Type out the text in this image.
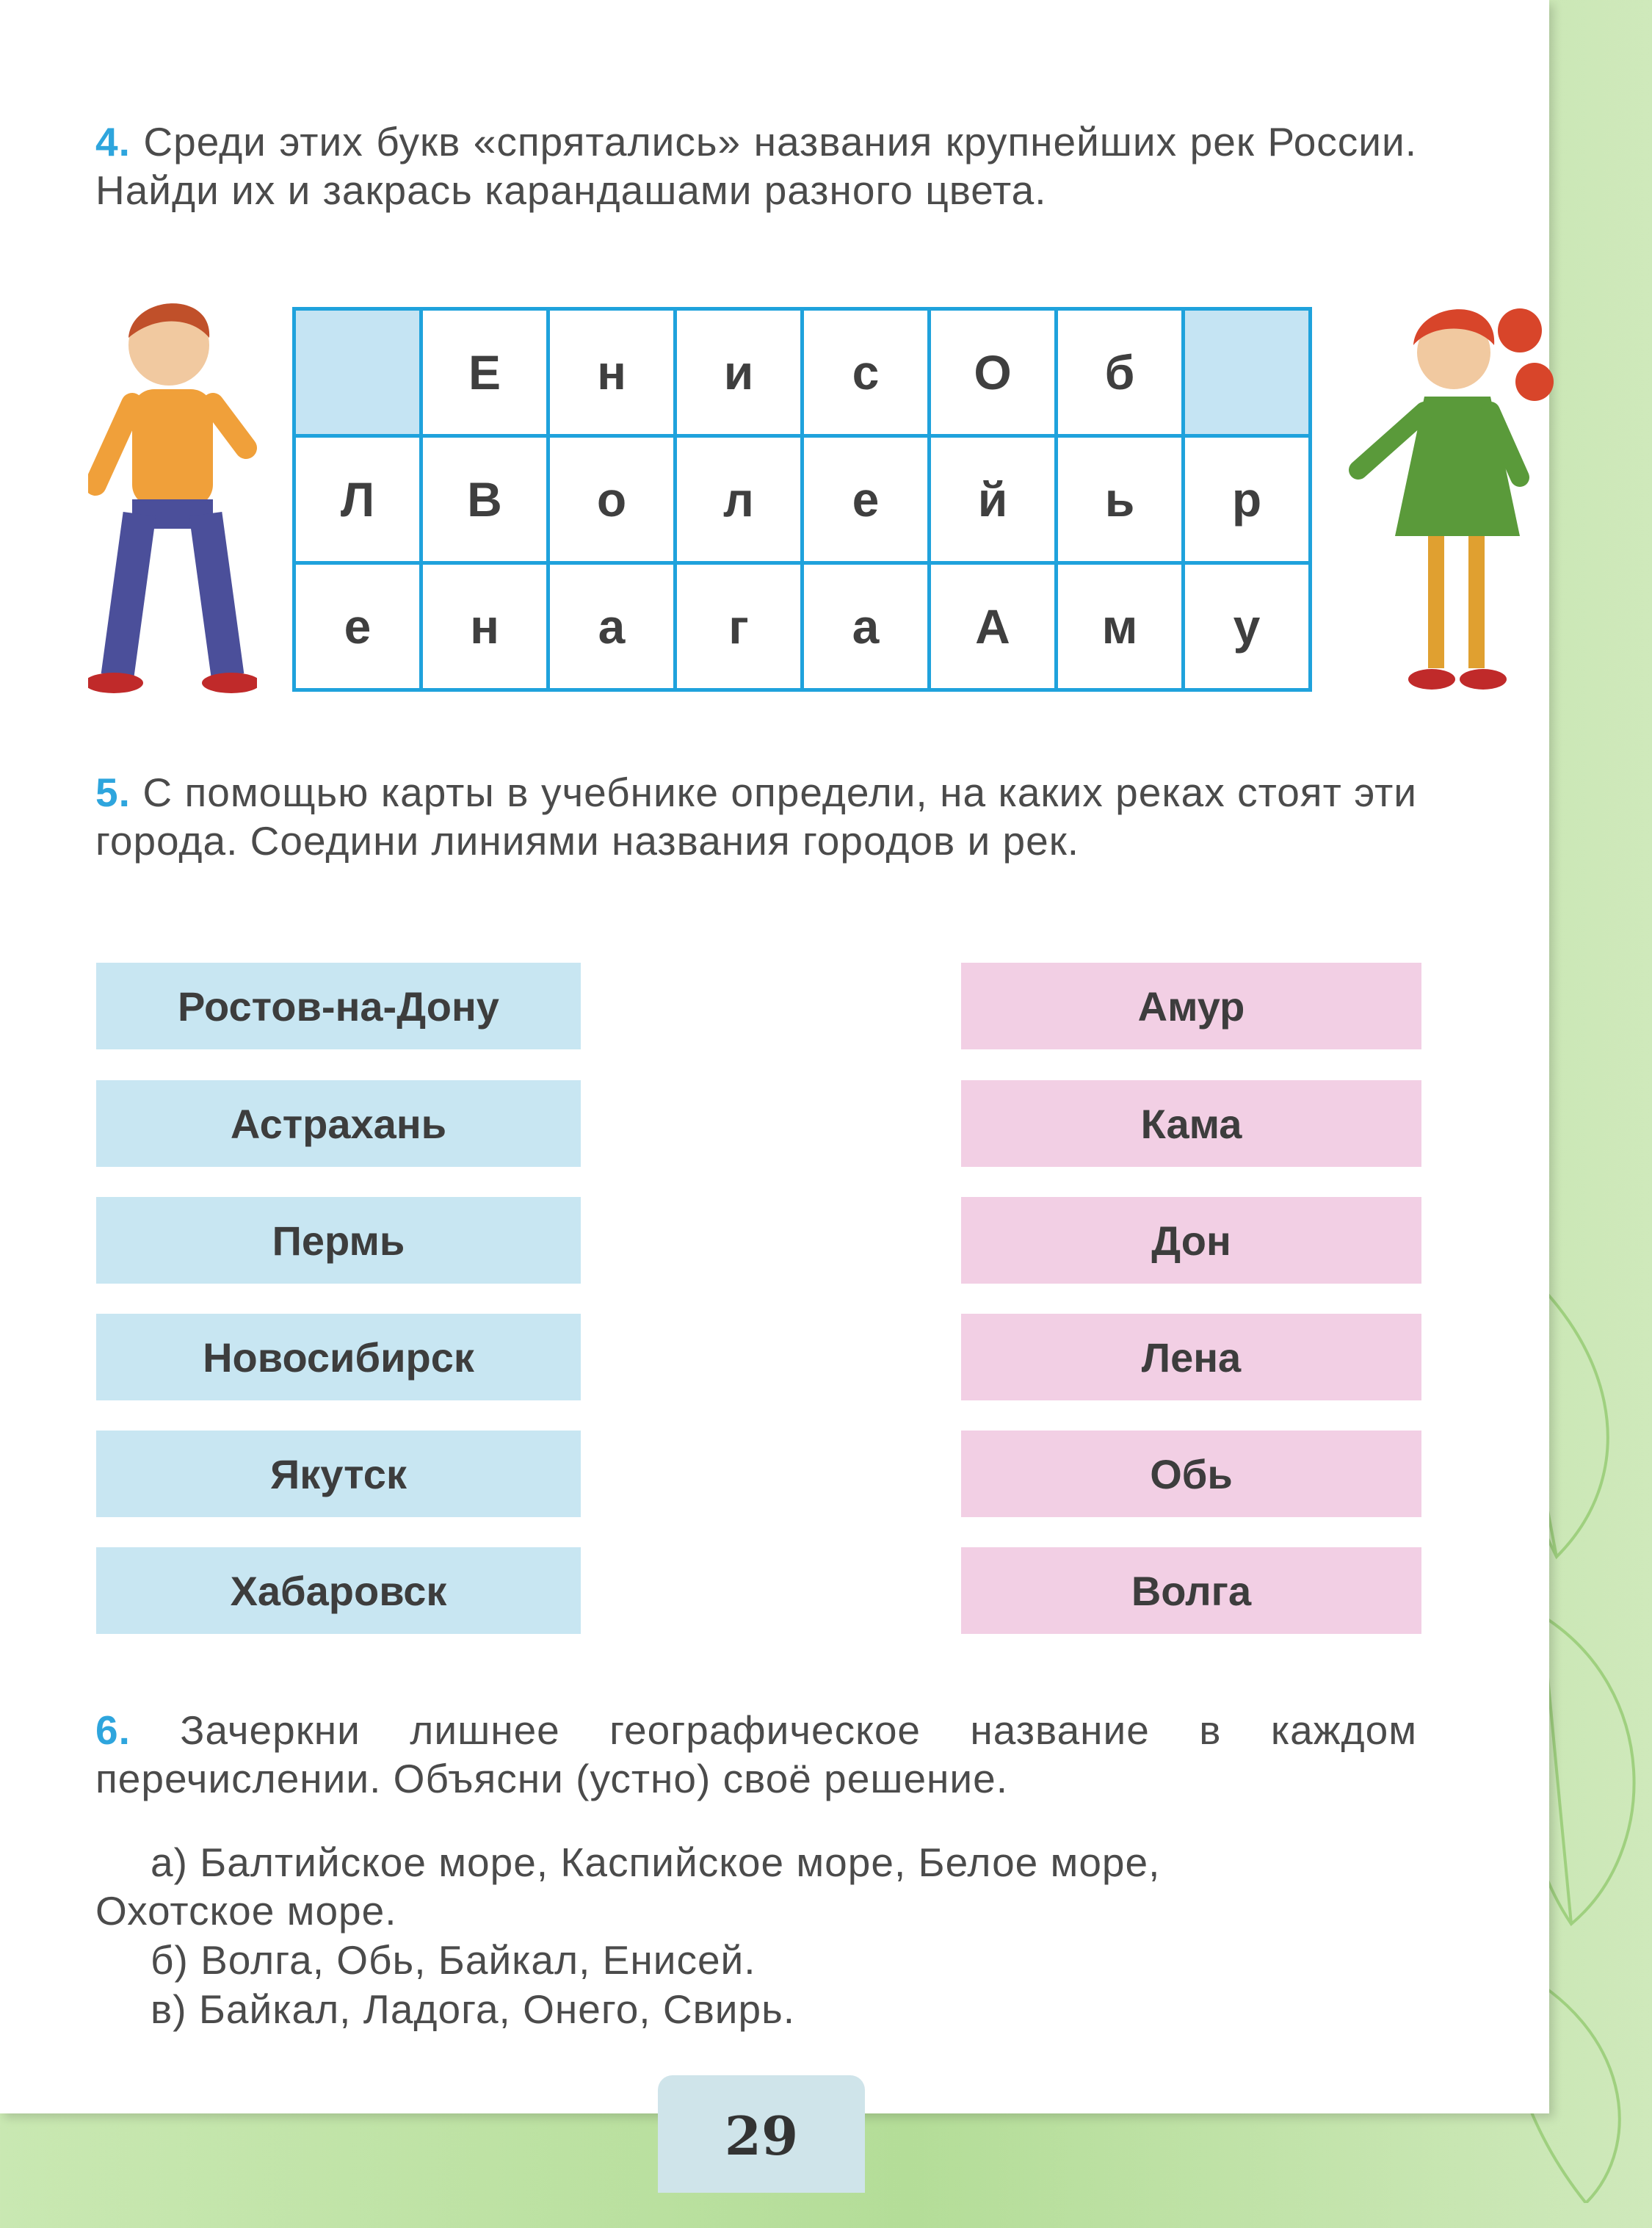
4. Среди этих букв «спрятались» названия крупнейших рек России. Найди их и закрась карандашами разного цвета.
	Е	н	и	с	О	б	
Л	В	о	л	е	й	ь	р
е	н	а	г	а	А	м	у
5. С помощью карты в учебнике определи, на каких реках стоят эти города. Соедини линиями названия городов и рек.
Ростов-на-Дону
Астрахань
Пермь
Новосибирск
Якутск
Хабаровск
Амур
Кама
Дон
Лена
Обь
Волга
6. Зачеркни лишнее географическое название в каждом перечислении. Объясни (устно) своё решение.
а) Балтийское море, Каспийское море, Белое море,
Охотское море.
б) Волга, Обь, Байкал, Енисей.
в) Байкал, Ладога, Онего, Свирь.
29
